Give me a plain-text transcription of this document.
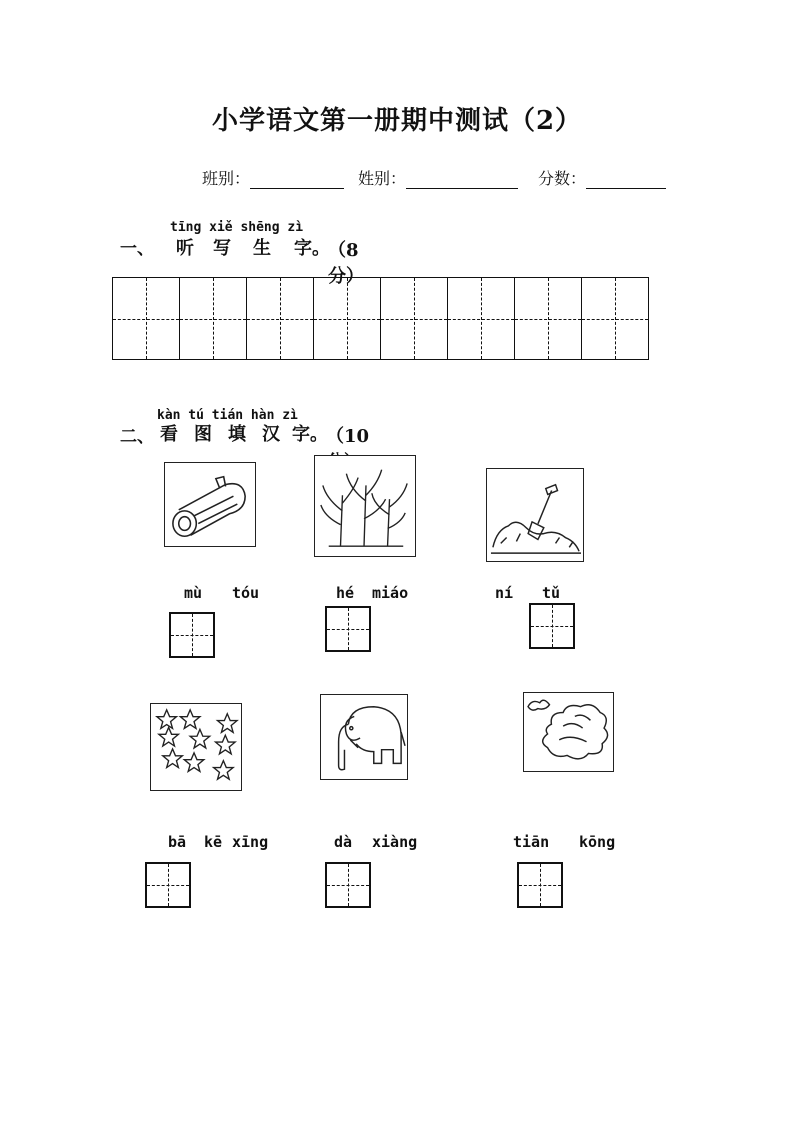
小学语文第一册期中测试（2）
班别：	姓别：	分数：
tīng xiě shēng zì
一、 听 写 生 字 。
（8分）
kàn tú tián hàn zì
二、 看 图 填 汉 字 。
（10
mù tóu	hé miáo	ní tǔ
bā kē xīng	dà xiàng	tiān kōng
